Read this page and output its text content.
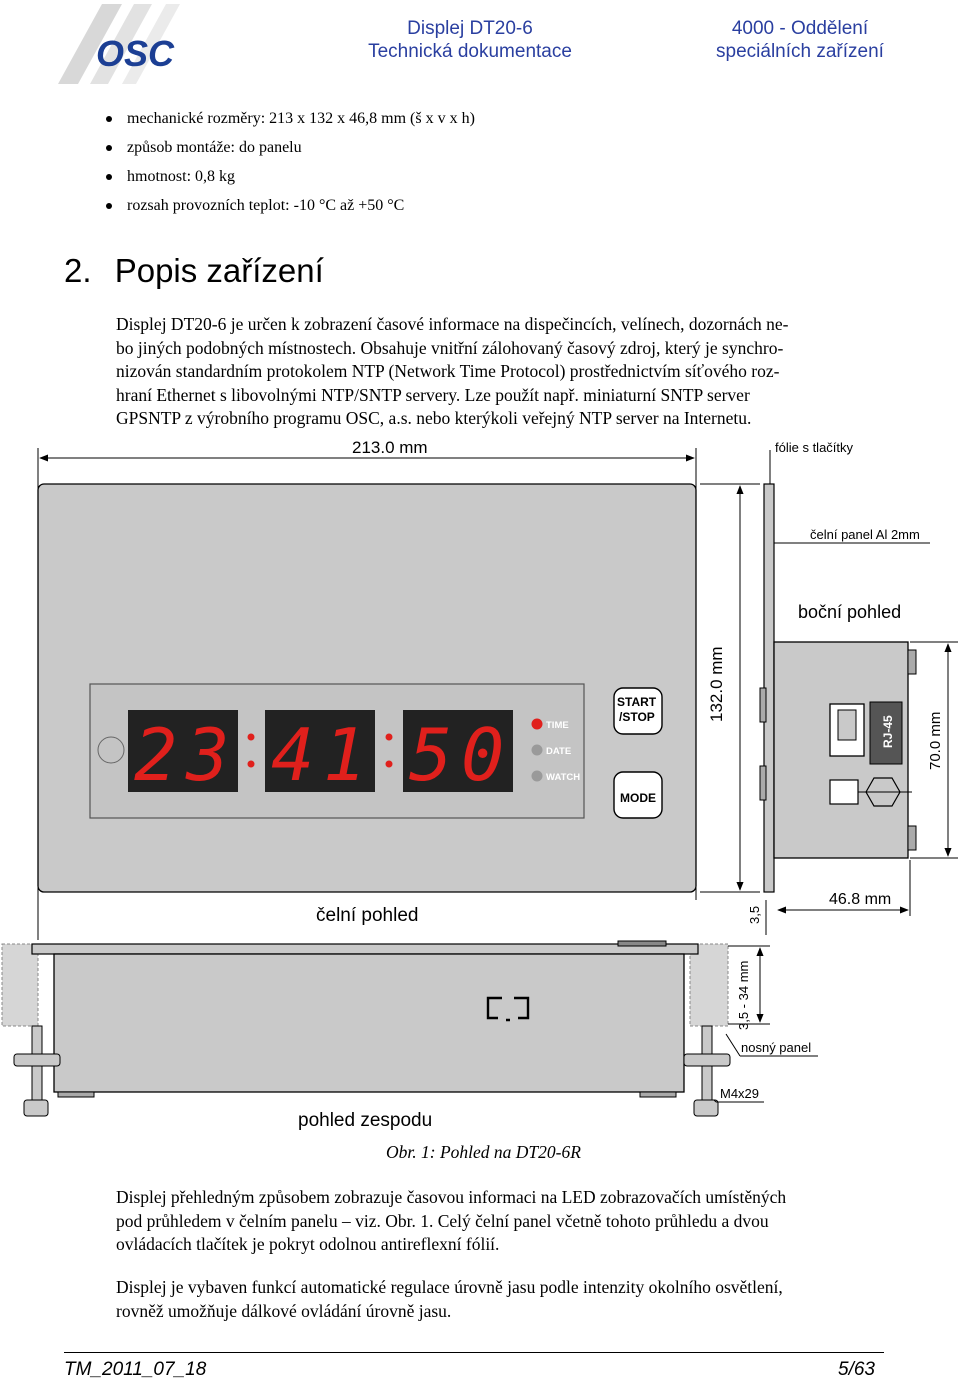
OSC
Displej DT20-6
Technická dokumentace
4000 - Oddělení
speciálních zařízení
mechanické rozměry: 213 x 132 x 46,8 mm (š x v x h)
způsob montáže: do panelu
hmotnost: 0,8 kg
rozsah provozních teplot: -10 °C až +50 °C
2. Popis zařízení
Displej DT20-6 je určen k zobrazení časové informace na dispečincích, velínech, dozornách ne-
bo jiných podobných místnostech. Obsahuje vnitřní zálohovaný časový zdroj, který je synchro-
nizován standardním protokolem NTP (Network Time Protocol) prostřednictvím síťového roz-
hraní Ethernet s libovolnými NTP/SNTP servery. Lze použít např. miniaturní SNTP server
GPSNTP z výrobního programu OSC, a.s. nebo kterýkoli veřejný NTP server na Internetu.
213.0 mm
2 3 4 1 5 0	TIME
DATE
WATCH
START
/STOP
MODE
132.0 mm
fólie s tlačítky
čelní panel Al 2mm
boční pohled
RJ-45 70.0 mm
46.8 mm
3,5
čelní pohled
3,5 - 34 mm
nosný panel
M4x29
pohled zespodu
Obr. 1: Pohled na DT20-6R
Displej přehledným způsobem zobrazuje časovou informaci na LED zobrazovačích umístěných
pod průhledem v čelním panelu – viz. Obr. 1. Celý čelní panel včetně tohoto průhledu a dvou
ovládacích tlačítek je pokryt odolnou antireflexní fólií.
Displej je vybaven funkcí automatické regulace úrovně jasu podle intenzity okolního osvětlení,
rovněž umožňuje dálkové ovládání úrovně jasu.
TM_2011_07_18	5/63
